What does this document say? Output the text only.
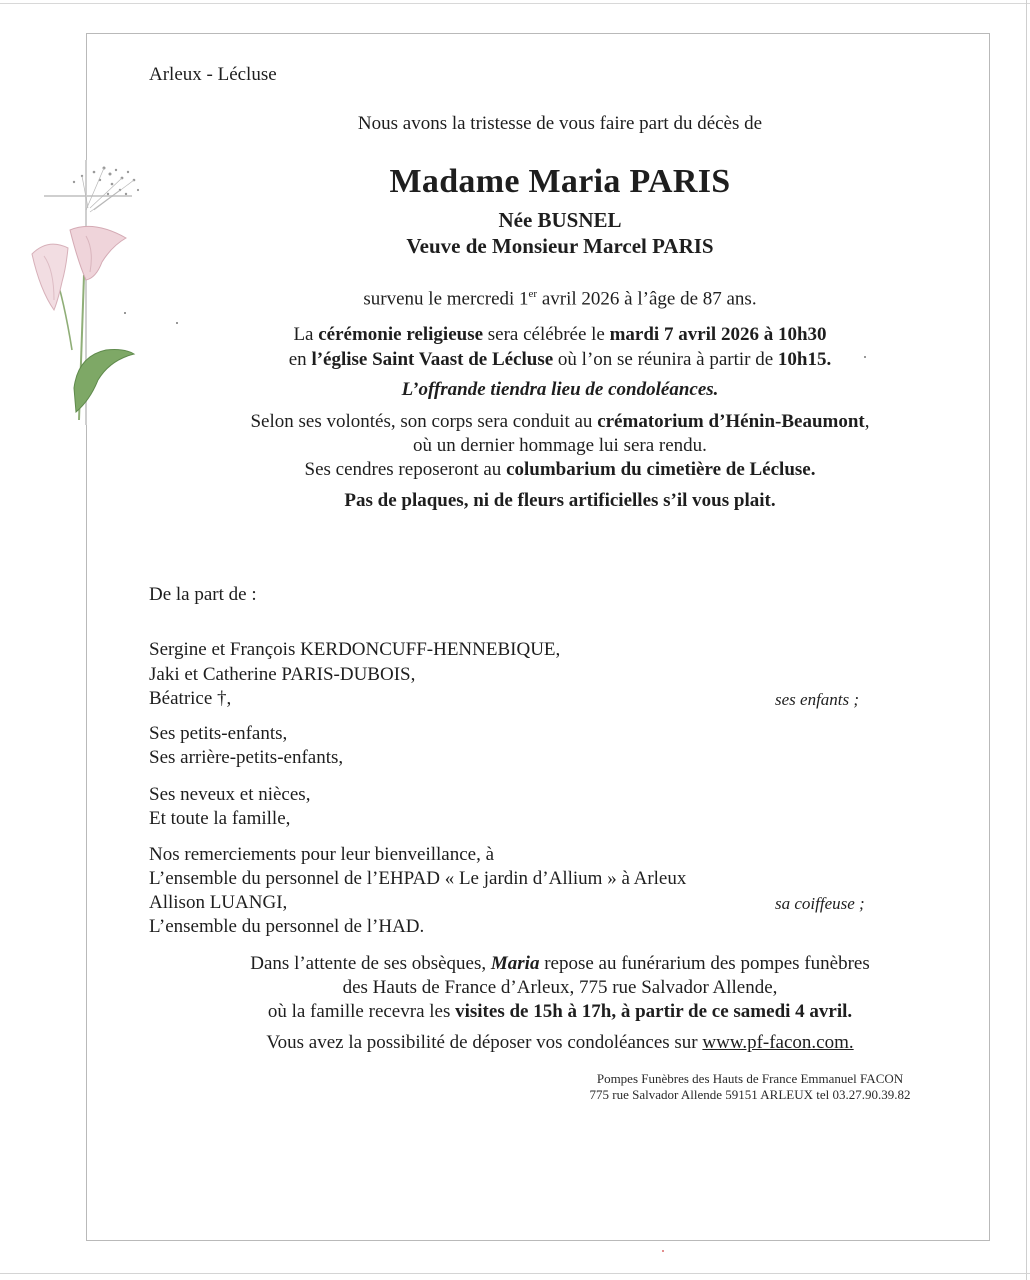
Arleux - Lécluse
Nous avons la tristesse de vous faire part du décès de
Madame Maria PARIS
Née BUSNEL
Veuve de Monsieur Marcel PARIS
survenu le mercredi 1er avril 2026 à l’âge de 87 ans.
La cérémonie religieuse sera célébrée le mardi 7 avril 2026 à 10h30
en l’église Saint Vaast de Lécluse où l’on se réunira à partir de 10h15.
L’offrande tiendra lieu de condoléances.
Selon ses volontés, son corps sera conduit au crématorium d’Hénin-Beaumont,
où un dernier hommage lui sera rendu.
Ses cendres reposeront au columbarium du cimetière de Lécluse.
Pas de plaques, ni de fleurs artificielles s’il vous plait.
De la part de :
Sergine et François KERDONCUFF-HENNEBIQUE,
Jaki et Catherine PARIS-DUBOIS,
Béatrice †,	ses enfants ;
Ses petits-enfants,
Ses arrière-petits-enfants,
Ses neveux et nièces,
Et toute la famille,
Nos remerciements pour leur bienveillance, à
L’ensemble du personnel de l’EHPAD « Le jardin d’Allium » à Arleux
Allison LUANGI,	sa coiffeuse ;
L’ensemble du personnel de l’HAD.
Dans l’attente de ses obsèques, Maria repose au funérarium des pompes funèbres
des Hauts de France d’Arleux, 775 rue Salvador Allende,
où la famille recevra les visites de 15h à 17h, à partir de ce samedi 4 avril.
Vous avez la possibilité de déposer vos condoléances sur www.pf-facon.com.
Pompes Funèbres des Hauts de France Emmanuel FACON
775 rue Salvador Allende 59151 ARLEUX tel 03.27.90.39.82
